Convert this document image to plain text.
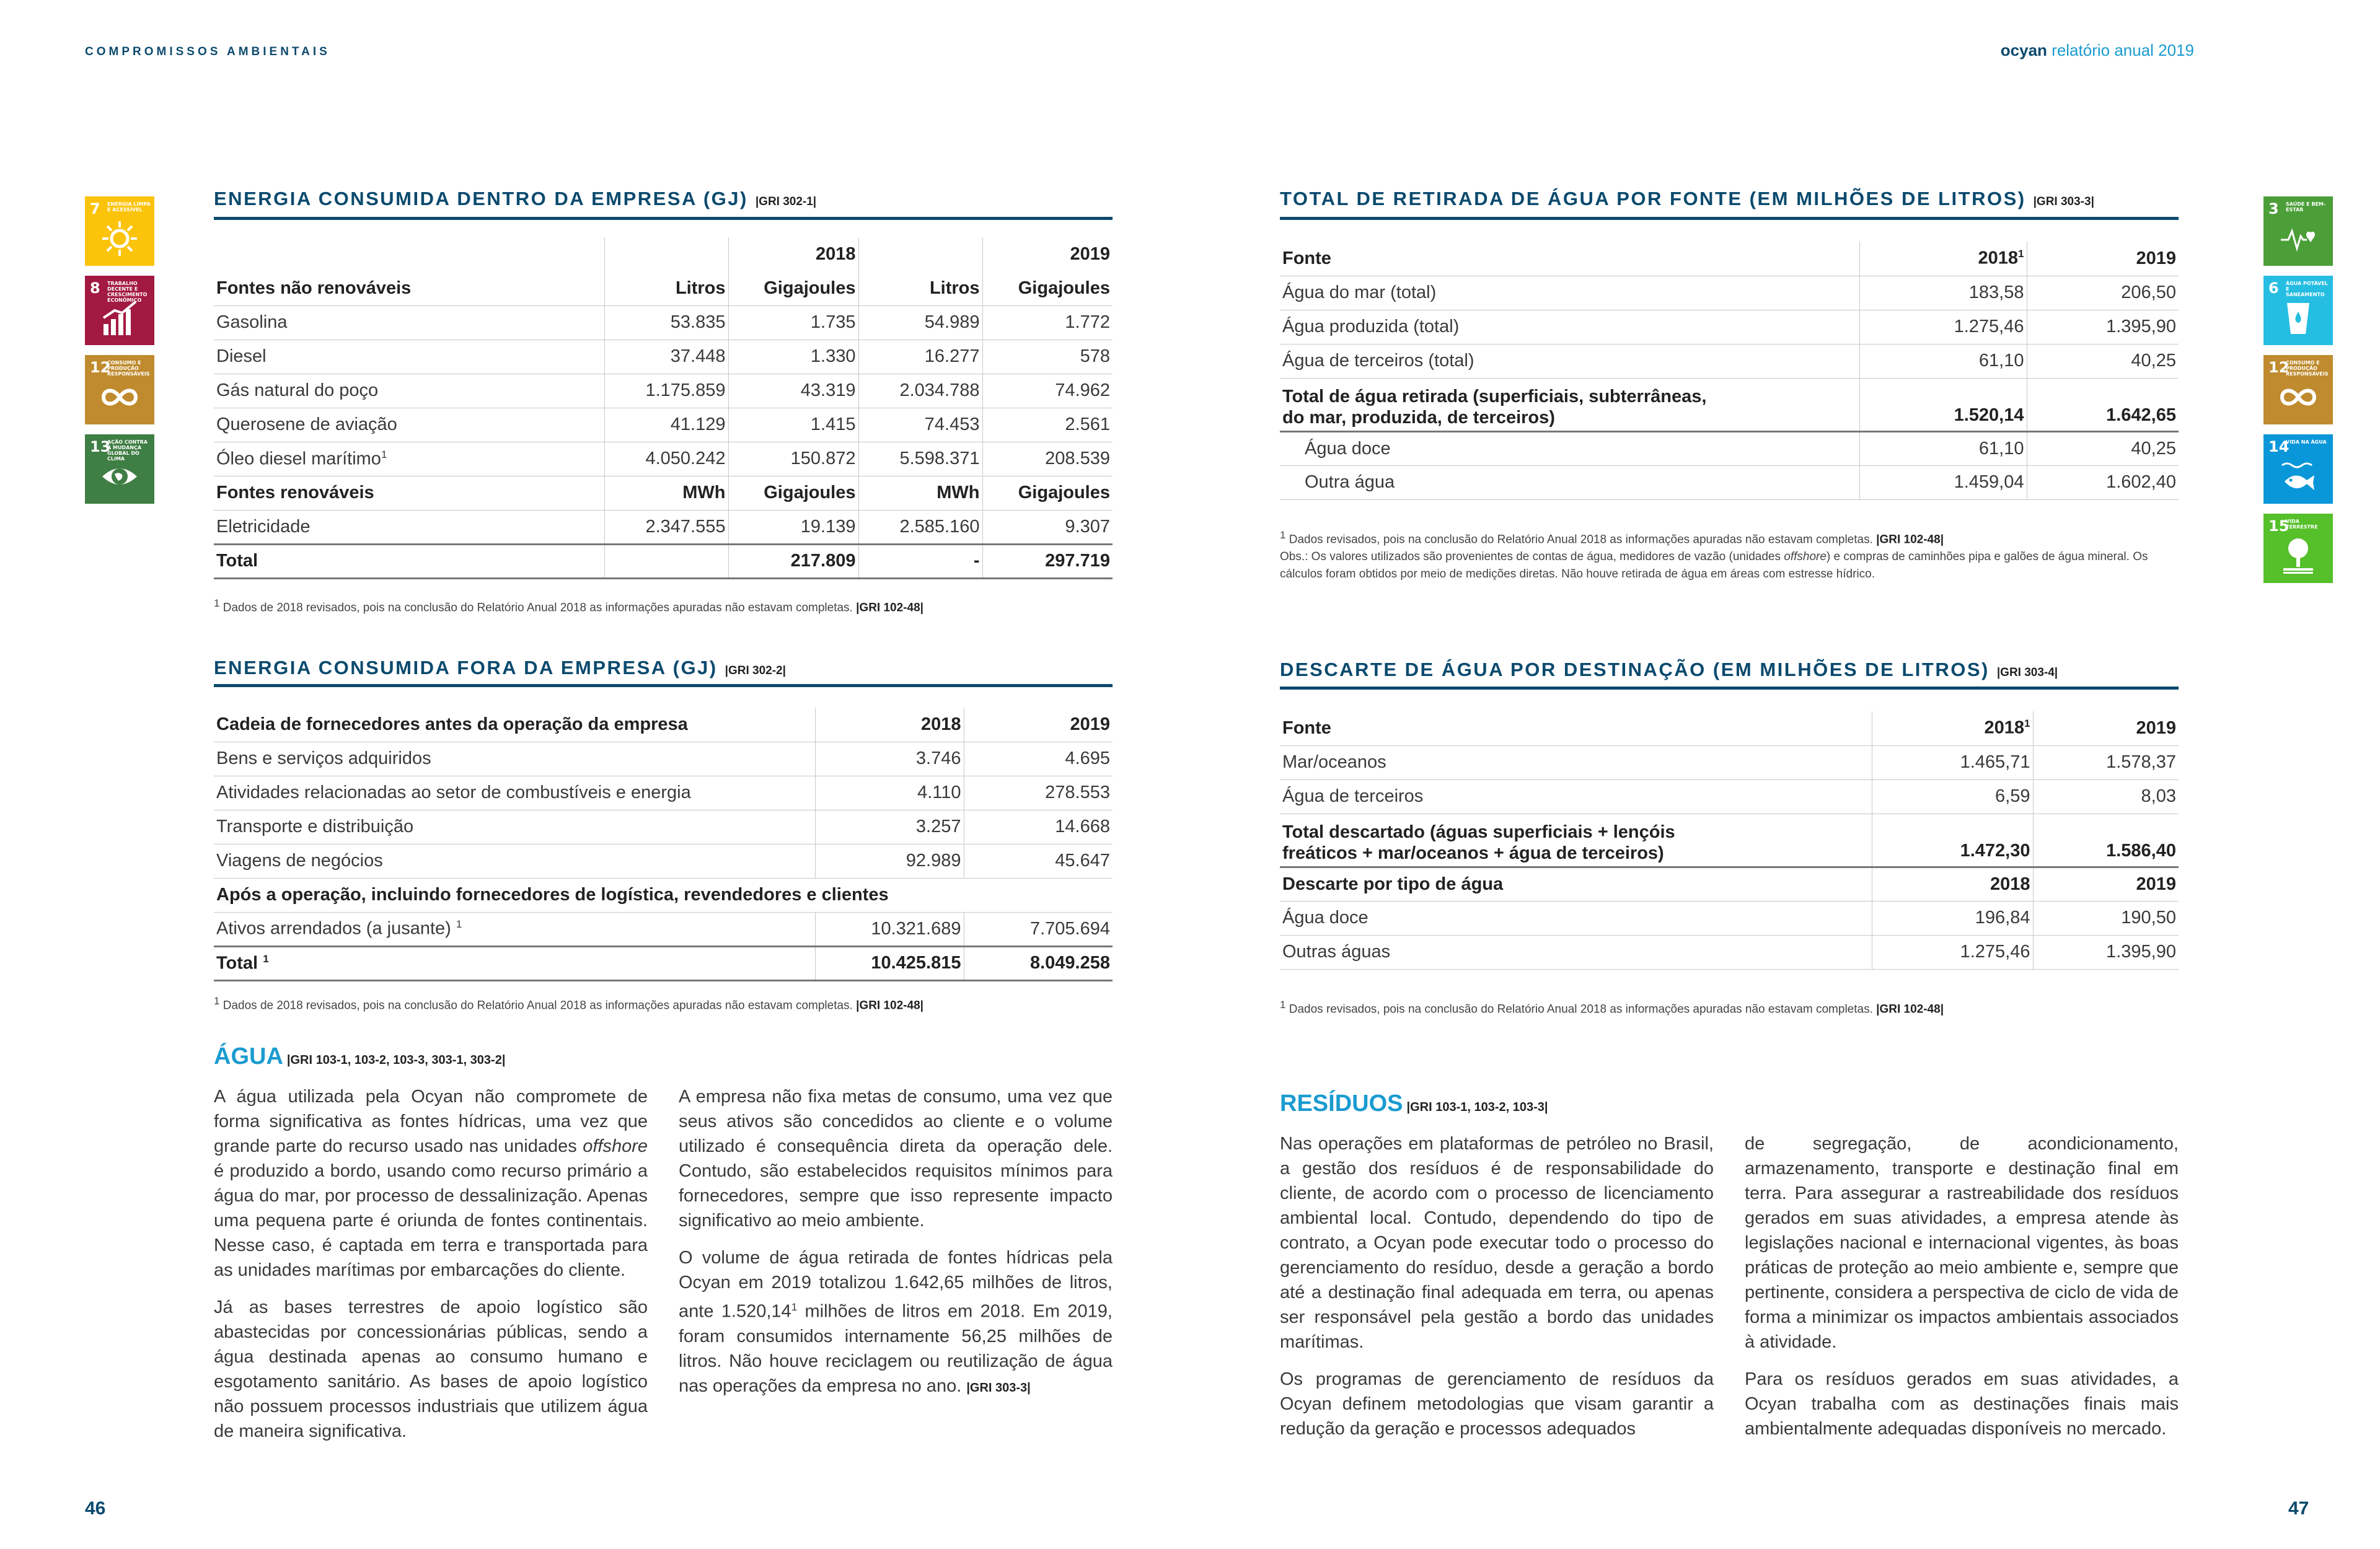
COMPROMISSOS AMBIENTAIS	ocyan relatório anual 2019
7 ENERGIA LIMPA E ACESSÍVEL
8 TRABALHO DECENTE E CRESCIMENTO ECONÔMICO
12
CONSUMO E PRODUÇÃO RESPONSÁVEIS
13
AÇÃO CONTRA A MUDANÇA GLOBAL DO CLIMA
3 SAÚDE E BEM-ESTAR
6 ÁGUA POTÁVEL E SANEAMENTO
12
CONSUMO E PRODUÇÃO RESPONSÁVEIS
14
VIDA NA ÁGUA
15
VIDA TERRESTRE
ENERGIA CONSUMIDA DENTRO DA EMPRESA (GJ) |GRI 302-1|
		2018		2019
Fontes não renováveis	Litros	Gigajoules	Litros	Gigajoules
Gasolina	53.835	1.735	54.989	1.772
Diesel	37.448	1.330	16.277	578
Gás natural do poço	1.175.859	43.319	2.034.788	74.962
Querosene de aviação	41.129	1.415	74.453	2.561
Óleo diesel marítimo$^1$	4.050.242	150.872	5.598.371	208.539
Fontes renováveis	MWh	Gigajoules	MWh	Gigajoules
Eletricidade	2.347.555	19.139	2.585.160	9.307
Total		217.809	-	297.719
1 Dados de 2018 revisados, pois na conclusão do Relatório Anual 2018 as informações apuradas não estavam completas. |GRI 102-48|
ENERGIA CONSUMIDA FORA DA EMPRESA (GJ) |GRI 302-2|
Cadeia de fornecedores antes da operação da empresa	2018	2019
Bens e serviços adquiridos	3.746	4.695
Atividades relacionadas ao setor de combustíveis e energia	4.110	278.553
Transporte e distribuição	3.257	14.668
Viagens de negócios	92.989	45.647
Após a operação, incluindo fornecedores de logística, revendedores e clientes		
Ativos arrendados (a jusante) $^1$	10.321.689	7.705.694
Total $^1$	10.425.815	8.049.258
1 Dados de 2018 revisados, pois na conclusão do Relatório Anual 2018 as informações apuradas não estavam completas. |GRI 102-48|
ÁGUA |GRI 103-1, 103-2, 103-3, 303-1, 303-2|

A água utilizada pela Ocyan não compromete de forma significativa as fontes hídricas, uma vez que grande parte do recurso usado nas unidades offshore é produzido a bordo, usando como recurso primário a água do mar, por processo de dessalinização. Apenas uma pequena parte é oriunda de fontes continentais. Nesse caso, é captada em terra e transportada para as unidades marítimas por embarcações do cliente.

Já as bases terrestres de apoio logístico são abastecidas por concessionárias públicas, sendo a água destinada apenas ao consumo humano e esgotamento sanitário. As bases de apoio logístico não possuem processos industriais que utilizem água de maneira significativa.

A empresa não fixa metas de consumo, uma vez que seus ativos são concedidos ao cliente e o volume utilizado é consequência direta da operação dele. Contudo, são estabelecidos requisitos mínimos para fornecedores, sempre que isso represente impacto significativo ao meio ambiente.

O volume de água retirada de fontes hídricas pela Ocyan em 2019 totalizou 1.642,65 milhões de litros, ante 1.520,14$^1$ milhões de litros em 2018. Em 2019, foram consumidos internamente 56,25 milhões de litros. Não houve reciclagem ou reutilização de água nas operações da empresa no ano. |GRI 303-3|

TOTAL DE RETIRADA DE ÁGUA POR FONTE (EM MILHÕES DE LITROS) |GRI 303-3|
Fonte	2018$^1$	2019
Água do mar (total)	183,58	206,50
Água produzida (total)	1.275,46	1.395,90
Água de terceiros (total)	61,10	40,25

Total de água retirada (superficiais, subterrâneas,
do mar, produzida, de terceiros)	1.520,14	1.642,65
Água doce	61,10	40,25
Outra água	1.459,04	1.602,40
1 Dados revisados, pois na conclusão do Relatório Anual 2018 as informações apuradas não estavam completas. |GRI 102-48|
Obs.: Os valores utilizados são provenientes de contas de água, medidores de vazão (unidades offshore) e compras de caminhões pipa e galões de água mineral. Os cálculos foram obtidos por meio de medições diretas. Não houve retirada de água em áreas com estresse hídrico.
DESCARTE DE ÁGUA POR DESTINAÇÃO (EM MILHÕES DE LITROS) |GRI 303-4|
Fonte	2018$^1$	2019
Mar/oceanos	1.465,71	1.578,37
Água de terceiros	6,59	8,03

Total descartado (águas superficiais + lençóis
freáticos + mar/oceanos + água de terceiros)	1.472,30	1.586,40
Descarte por tipo de água	2018	2019
Água doce	196,84	190,50
Outras águas	1.275,46	1.395,90
1 Dados revisados, pois na conclusão do Relatório Anual 2018 as informações apuradas não estavam completas. |GRI 102-48|
RESÍDUOS |GRI 103-1, 103-2, 103-3|

Nas operações em plataformas de petróleo no Brasil, a gestão dos resíduos é de responsabilidade do cliente, de acordo com o processo de licenciamento ambiental local. Contudo, dependendo do tipo de contrato, a Ocyan pode executar todo o processo do gerenciamento do resíduo, desde a geração a bordo até a destinação final adequada em terra, ou apenas ser responsável pela gestão a bordo das unidades marítimas.

Os programas de gerenciamento de resíduos da Ocyan definem metodologias que visam garantir a redução da geração e processos adequados

de segregação, de acondicionamento, armazenamento, transporte e destinação final em terra. Para assegurar a rastreabilidade dos resíduos gerados em suas atividades, a empresa atende às legislações nacional e internacional vigentes, às boas práticas de proteção ao meio ambiente e, sempre que pertinente, considera a perspectiva de ciclo de vida de forma a minimizar os impactos ambientais associados à atividade.

Para os resíduos gerados em suas atividades, a Ocyan trabalha com as destinações finais mais ambientalmente adequadas disponíveis no mercado.

46	47
